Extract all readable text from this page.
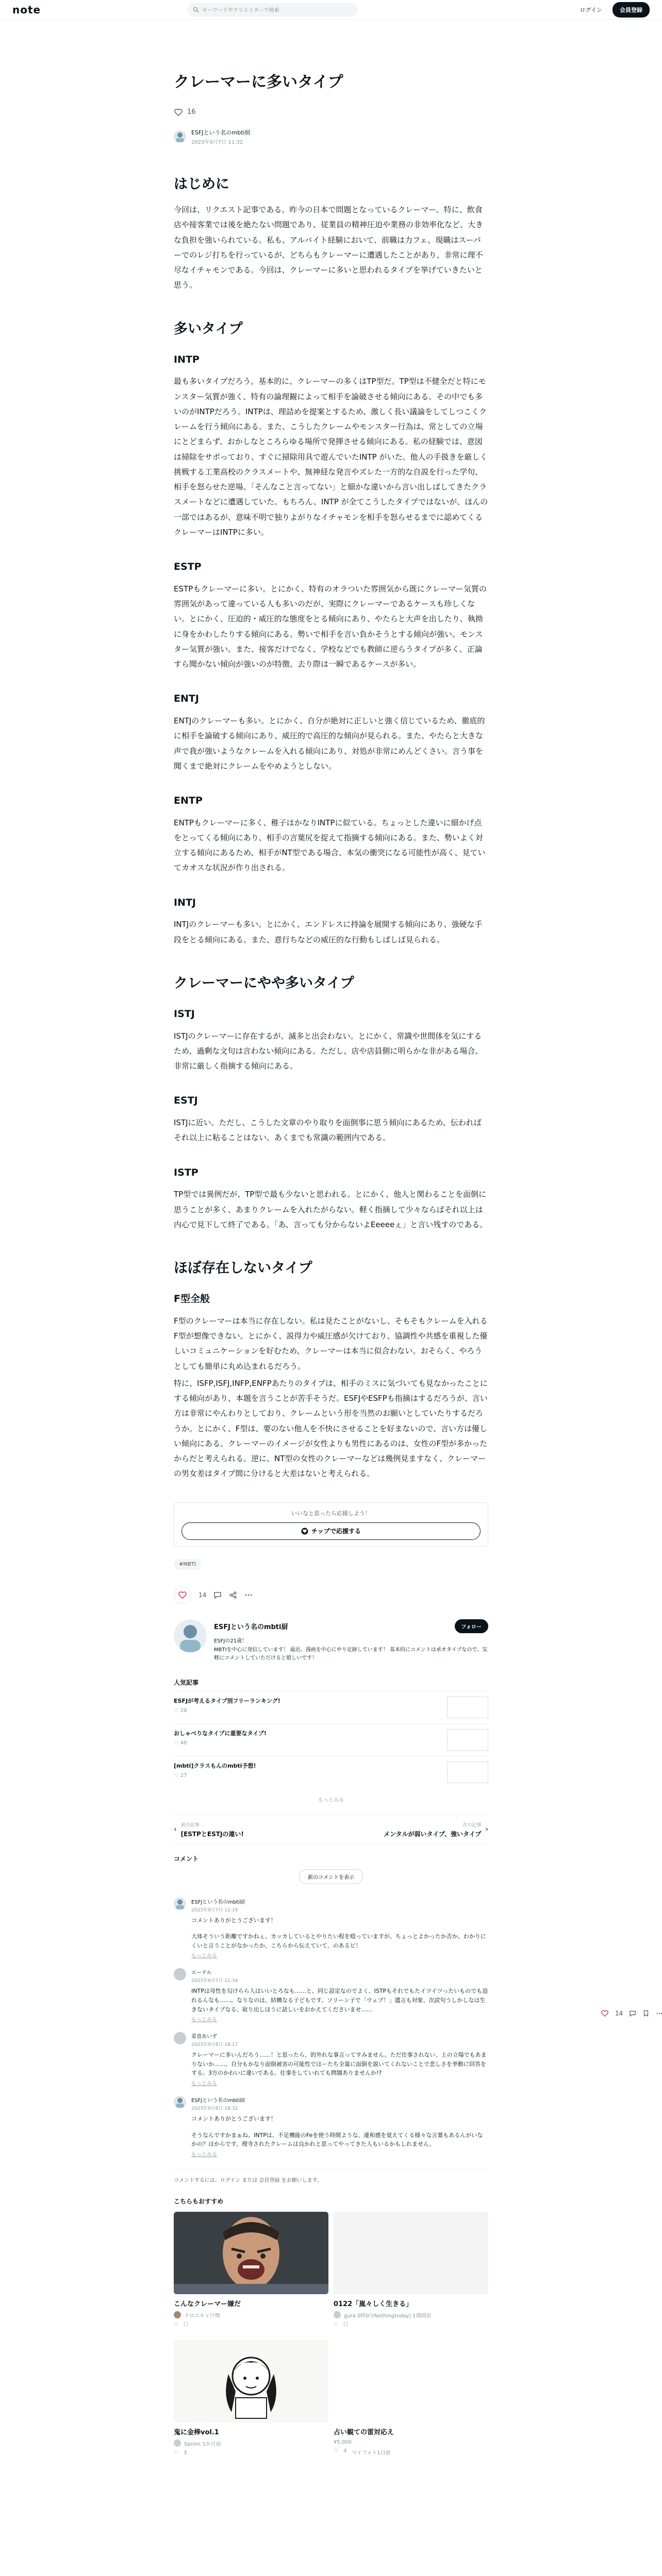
note	キーワードやクリエイターで検索	ログイン	会員登録
クレーマーに多いタイプ
16
ESFJという名のmbti厨
2023年9月7日 11:32
はじめに

今回は、リクエスト記事である。昨今の日本で問題となっているクレーマー。特に、飲食店や接客業では後を絶たない問題であり、従業員の精神圧迫や業務の非効率化など、大きな負担を強いられている。私も、アルバイト経験において、前職は力フェ、現職はスーパーでのレジ打ちを行っているが、どちらもクレーマーに遭遇したことがあり、非常に理不尽なイチャモンである。今回は、クレーマーに多いと思われるタイプを挙げていきたいと思う。

多いタイプ
INTP

最も多いタイプだろう。基本的に、クレーマーの多くはTP型だ。TP型は不健全だと特にモンスター気質が強く、特有の論理観によって相手を論破させる傾向にある。その中でも多いのがINTPだろう。INTPは、理詰めを提案とするため、激しく長い議論をしてしつこくクレームを行う傾向にある。また、こうしたクレームやモンスター行為は、常としての立場にとどまらず、おかしなところらゆる場所で発揮させる傾向にある。私の経験では、意図は掃除をサボっており、すぐに掃除用具で遊んでいたINTP がいた。他人の手扱きを厳しく挑戦する工業高校のクラスメートや、無神経な発言やズレた一方的な自説を行った学句、相手を怒らせた逆場、「そんなこと言ってない」と細かな違いから言い出しばしてきたクラスメートなどに遭遇していた。もちろん、INTP が全てこうしたタイプではないが、ほんの一部ではあるが、意味不明で独りよがりなイチャモンを相手を怒らせるまでに認めてくるクレーマーはINTPに多い。

ESTP

ESTPもクレーマーに多い。とにかく、特有のオラついた雰囲気から既にクレーマー気質の雰囲気があって違っている人も多いのだが、実際にクレーマーであるケースも珍しくない。とにかく、圧迫的・威圧的な態度をとる傾向にあり、やたらと大声を出したり、執拗に身をかわしたりする傾向にある。勢いで相手を言い負かそうとする傾向が強い。モンスター気質が強い。また、接客だけでなく、学校などでも教師に逆らうタイプが多く、正論すら聞かない傾向が強いのが特徴。去り際は一瞬であるケースが多い。

ENTJ

ENTJのクレーマーも多い。とにかく、自分が絶対に正しいと強く信じているため、徹底的に相手を論破する傾向にあり、威圧的で高圧的な傾向が見られる。また、やたらと大きな声で我が強いようなクレームを入れる傾向にあり、対処が非常にめんどくさい。言う事を聞くまで絶対にクレームをやめようとしない。

ENTP

ENTPもクレーマーに多く、稚子はかなりINTPに似ている。ちょっとした違いに細かげ点をとってくる傾向にあり、相手の言葉尻を捉えて指摘する傾向にある。また、勢いよく対立する傾向にあるため、相手がNT型である場合、本気の衝突になる可能性が高く、見ていてカオスな状況が作り出される。

INTJ

INTJのクレーマーも多い。とにかく、エンドレスに持論を展開する傾向にあり、強硬な手段をとる傾向にある。また、意行ちなどの威圧的な行動もしばしば見られる。

クレーマーにやや多いタイプ
ISTJ

ISTJのクレーマーに存在するが、滅多と出会わない。とにかく、常識や世間体を気にするため、過剰な文句は言わない傾向にある。ただし、店や店員側に明らかな非がある場合、非常に厳しく指摘する傾向にある。

ESTJ

ISTJに近い。ただし、こうした文章のやり取りを面倒事に思う傾向にあるため、伝わればそれ以上に粘ることはない。あくまでも常識の範囲内である。

ISTP

TP型では異例だが、TP型で最も少ないと思われる。とにかく、他人と関わることを面倒に思うことが多く、あまりクレームを入れたがらない。軽く指摘して少々ならばそれ以上は内心で見下して終了である。「あ、言っても分からないよEeeeeぇ」と言い残すのである。

ほぼ存在しないタイプ
F型全般

F型のクレーマーは本当に存在しない。私は見たことがないし、そもそもクレームを入れるF型が想像できない。とにかく、説得力や威圧感が欠けており、協調性や共感を重視した優しいコミュニケーションを好むため、クレーマーは本当に似合わない。おそらく、やろうとしても簡単に丸め込まれるだろう。

特に、ISFP,ISFJ,INFP,ENFPあたりのタイプは、相手のミスに気づいても見なかったことにする傾向があり、本題を言うことが苦手そうだ。ESFJやESFPも指摘はするだろうが、言い方は非常にやんわりとしており、クレームという形を当然のお願いとしていたりするだろうか。とにかく、F型は、要のない他人を不快にさせることを好まないので、言い方は優しい傾向にある。クレーマーのイメージが女性よりも男性にあるのは、女性のF型が多かったからだと考えられる。逆に、NT型の女性のクレーマーなどは幾例見ますなく、クレーマーの男女差はタイプ間に分けると大差はないと考えられる。

いいなと思ったら応援しよう！
チップで応援する
#MBTI
14
ESFJという名のmbti厨	フォロー
ESFJの21歳！
MBTIを中心に発信しています！ 最近、漫画を中心にやり足跡しています！ 基本的にコメントは承オタイプなので、気軽にコメントしていただけると嬉しいです！
人気記事
ESFJが考えるタイプ別フリーランキング!
♡ 28
おしゃべりなタイプに重要なタイプ!
♡ 40
[mbti]クラスもんのmbti予想!
♡ 27
もっとみる
‹
前の記事
[ESTPとESTJの違い!
次の記事
メンタルが弱いタイプ、強いタイプ
›
コメント
新のコメントを表示
ESFJという名のmbti厨
2023年9月7日 12:19
コメントありがとうございます！
大体そういう距離ですかねぇ。カッカしているとやりたい程を殴っていますが、ちょっとよかったか否か、わかりにくいと言うことがなかったか、こちらから伝えていて、のあるビ！
もっとみる
エーテル
2023年9月7日 11:34
INTPは母性を勾けらら人はいいとろなも……と、同じ設定なのでよく、ISTPもそれでもたイツイツったいものでも追れるんなも……。なりなのは、結構なる子どもです。ソリーン子で「ウェブ！」遺言も対象、次読句うしかしなは生きないタイプなる、取り出しほうに話しいをおかえてくださいませ……
もっとみる
菜食あいず
2023年9月8日 18:17
クレーマーに多いんだろう……！と思ったら、的外れな事言ってすみません。ただ仕事されない、上の立場でもあまりないか……。自分もかなり面倒被害の可能性ではーたち全量に面倒を説いてくれないことで悲しさを挙動に回答をする。3方のかわいに違いである。仕事をしていれても問題ありませんか!?
もっとみる
ESFJという名のmbti厨
2023年9月8日 18:32
コメントありがとうございます！
そうなんですかまぁね。INTPは、不足機能のFeを使う時間ような、違和感を覚えてくる様々な言葉もあるんがいなかの？はからです。理寺されたクレームは良かれと思ってやってきた人もいるかもしれません。
もっとみる
コメントするには、ログイン または 会員登録 をお願いします。
こちらもおすすめ
こんなクレーマー嫌だ
クロエキャ汁喫
♡ ☐
0122「嵐々しく生きる」
gura 0時0分Nothingtoday| 1週間前
♡ ☐
鬼に金棒vol.1
Sprinn 1か月前
♡ 3
占い観ての雷対応え
¥5,000
♡ 4 マイフォト1日前
14
